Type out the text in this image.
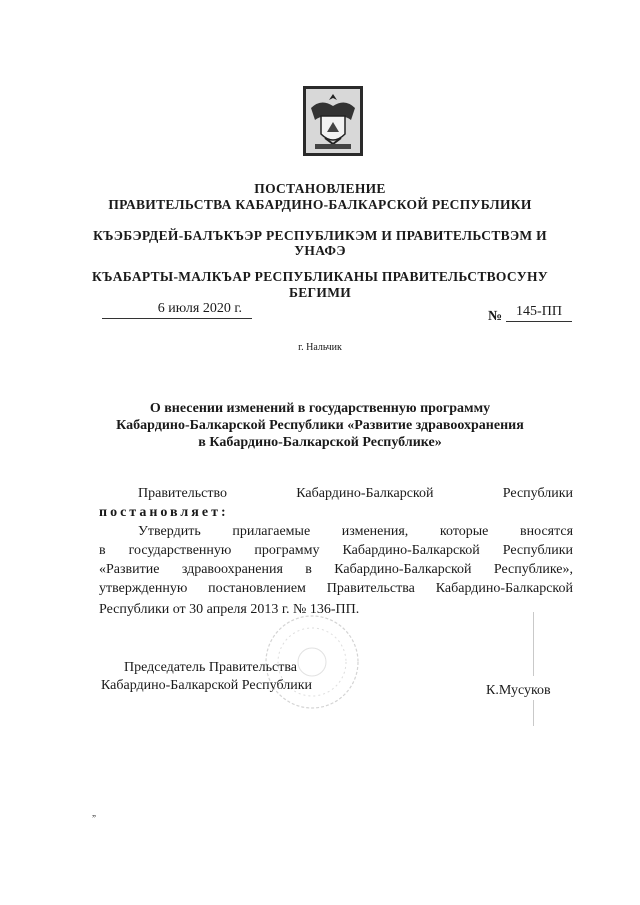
ПОСТАНОВЛЕНИЕ
ПРАВИТЕЛЬСТВА КАБАРДИНО-БАЛКАРСКОЙ РЕСПУБЛИКИ
КЪЭБЭРДЕЙ-БАЛЪКЪЭР РЕСПУБЛИКЭМ И ПРАВИТЕЛЬСТВЭМ И
УНАФЭ
КЪАБАРТЫ-МАЛКЪАР РЕСПУБЛИКАНЫ ПРАВИТЕЛЬСТВОСУНУ
БЕГИМИ
6 июля 2020 г.
№ 145-ПП
г. Нальчик
О внесении изменений в государственную программу
Кабардино-Балкарской Республики «Развитие здравоохранения
в Кабардино-Балкарской Республике»
Правительство	Кабардино-Балкарской	Республики
постановляет:
Утвердить прилагаемые изменения, которые вносятся
в государственную программу Кабардино-Балкарской Республики
«Развитие здравоохранения в Кабардино-Балкарской Республике»,
утвержденную постановлением Правительства Кабардино-Балкарской
Республики от 30 апреля 2013 г. № 136-ПП.
Председатель Правительства
Кабардино-Балкарской Республики	К.Мусуков
„
